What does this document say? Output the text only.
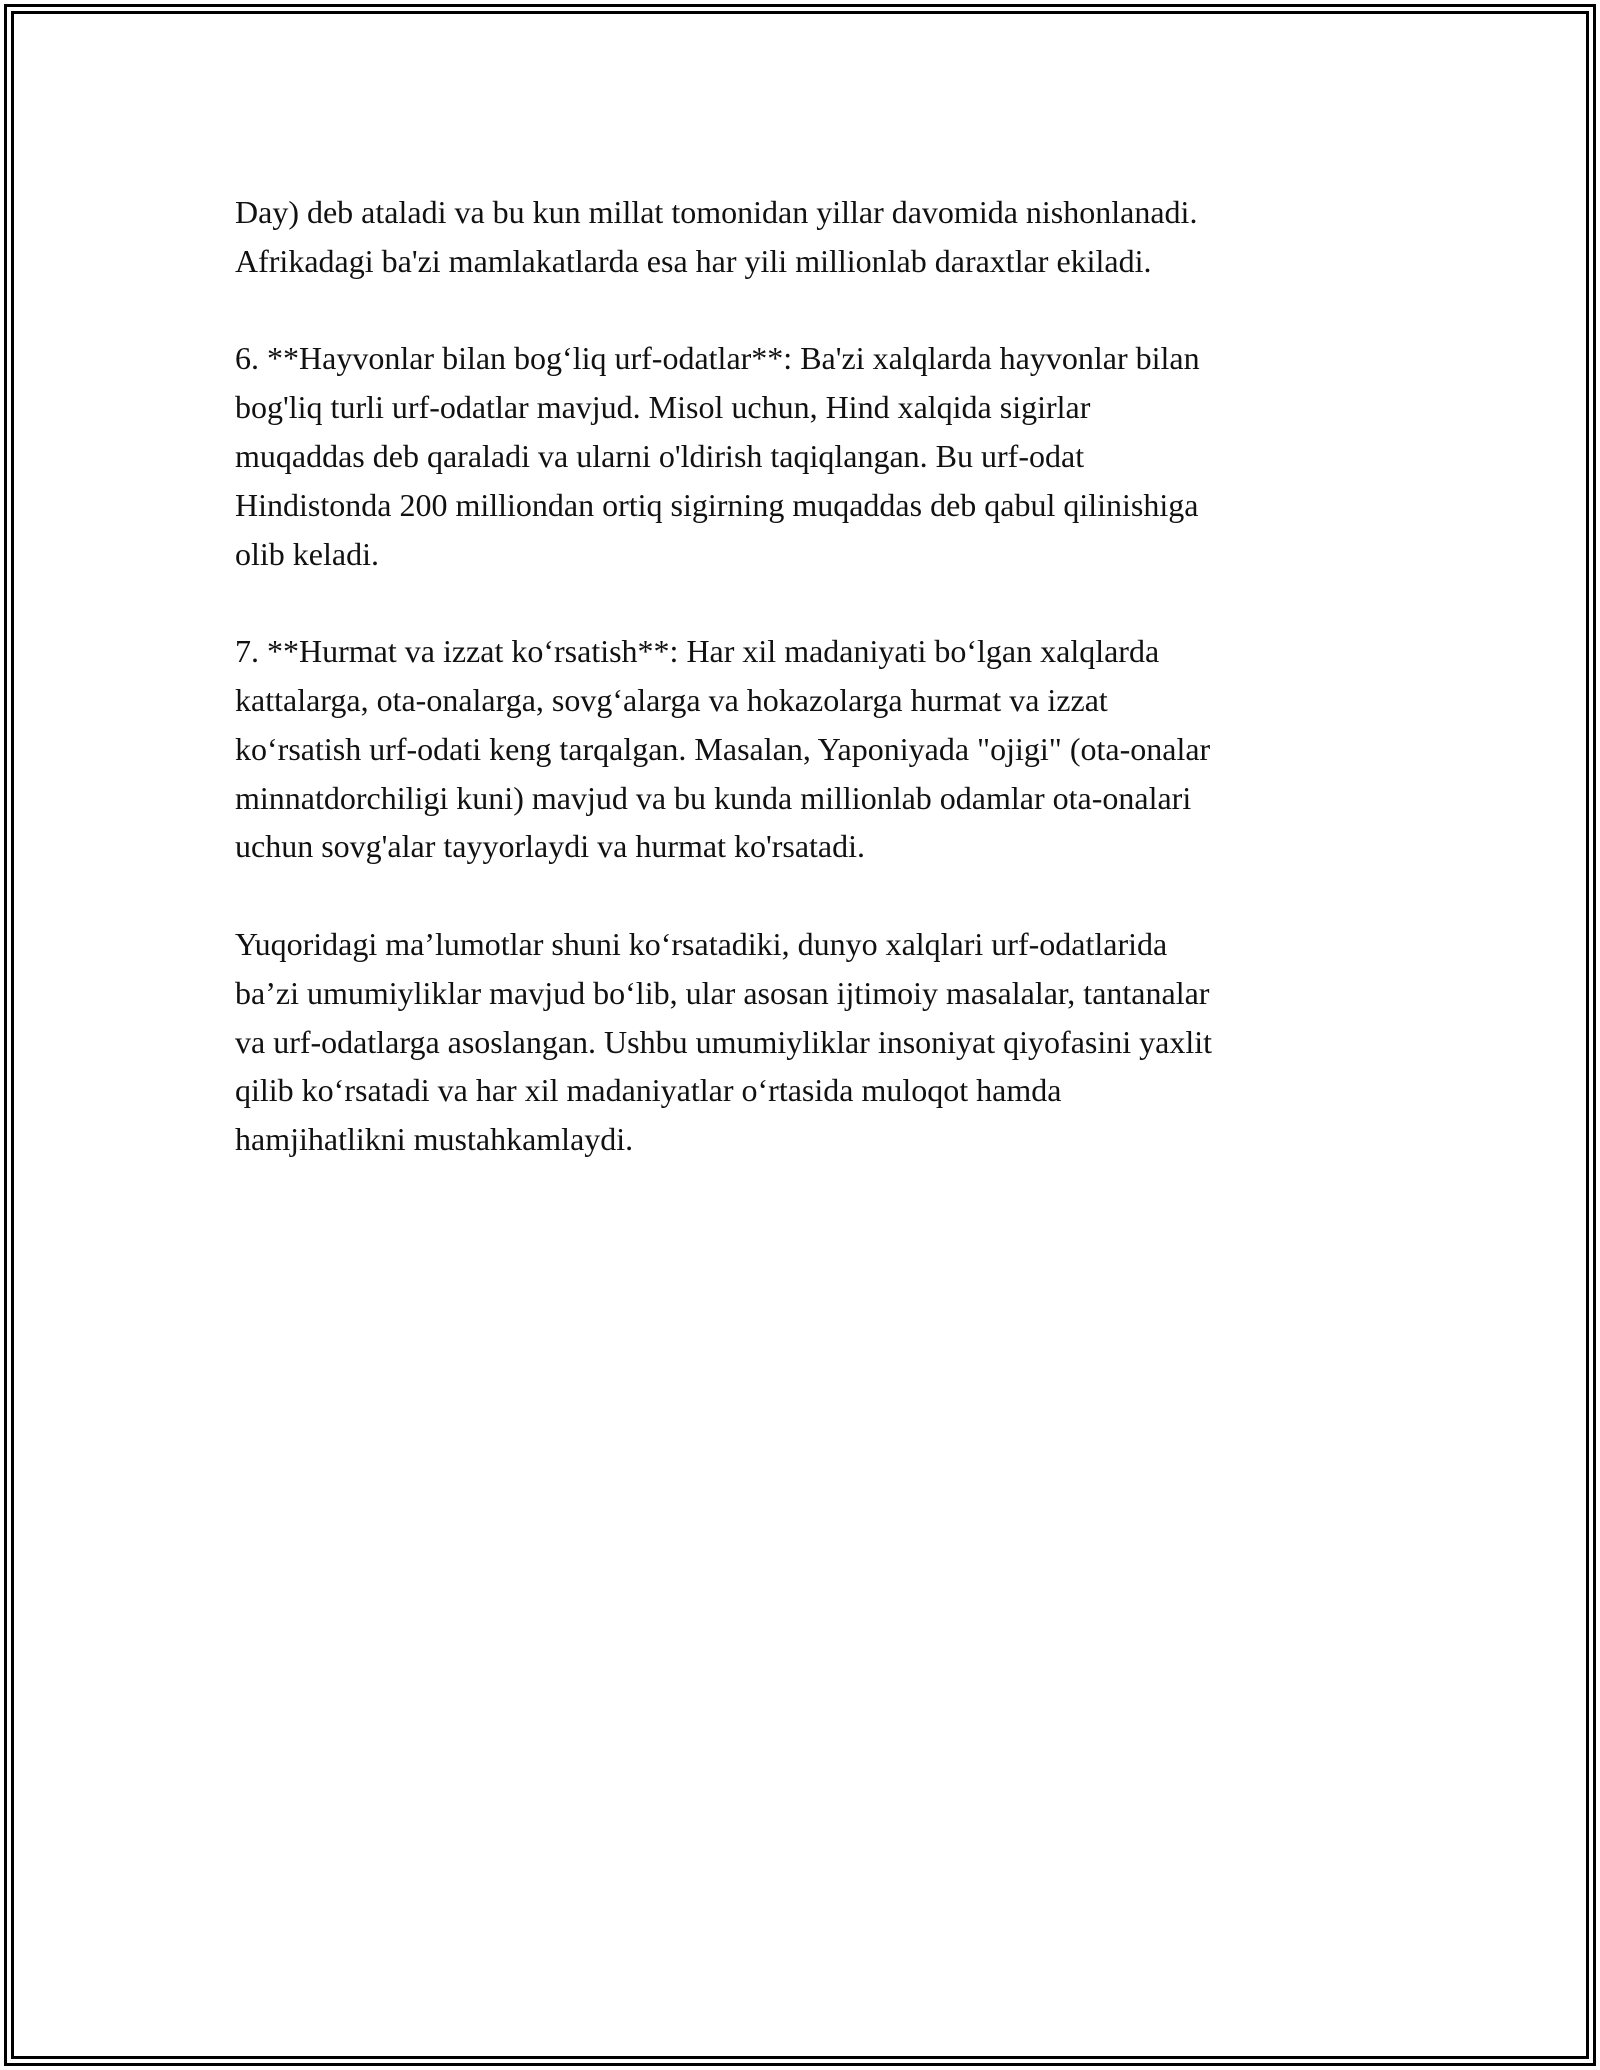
Day) deb ataladi va bu kun millat tomonidan yillar davomida nishonlanadi.
Afrikadagi ba'zi mamlakatlarda esa har yili millionlab daraxtlar ekiladi.
6. **Hayvonlar bilan bog‘liq urf-odatlar**: Ba'zi xalqlarda hayvonlar bilan
bog'liq turli urf-odatlar mavjud. Misol uchun, Hind xalqida sigirlar
muqaddas deb qaraladi va ularni o'ldirish taqiqlangan. Bu urf-odat
Hindistonda 200 milliondan ortiq sigirning muqaddas deb qabul qilinishiga
olib keladi.
7. **Hurmat va izzat ko‘rsatish**: Har xil madaniyati bo‘lgan xalqlarda
kattalarga, ota-onalarga, sovg‘alarga va hokazolarga hurmat va izzat
ko‘rsatish urf-odati keng tarqalgan. Masalan, Yaponiyada "ojigi" (ota-onalar
minnatdorchiligi kuni) mavjud va bu kunda millionlab odamlar ota-onalari
uchun sovg'alar tayyorlaydi va hurmat ko'rsatadi.
Yuqoridagi ma’lumotlar shuni ko‘rsatadiki, dunyo xalqlari urf-odatlarida
ba’zi umumiyliklar mavjud bo‘lib, ular asosan ijtimoiy masalalar, tantanalar
va urf-odatlarga asoslangan. Ushbu umumiyliklar insoniyat qiyofasini yaxlit
qilib ko‘rsatadi va har xil madaniyatlar o‘rtasida muloqot hamda
hamjihatlikni mustahkamlaydi.
